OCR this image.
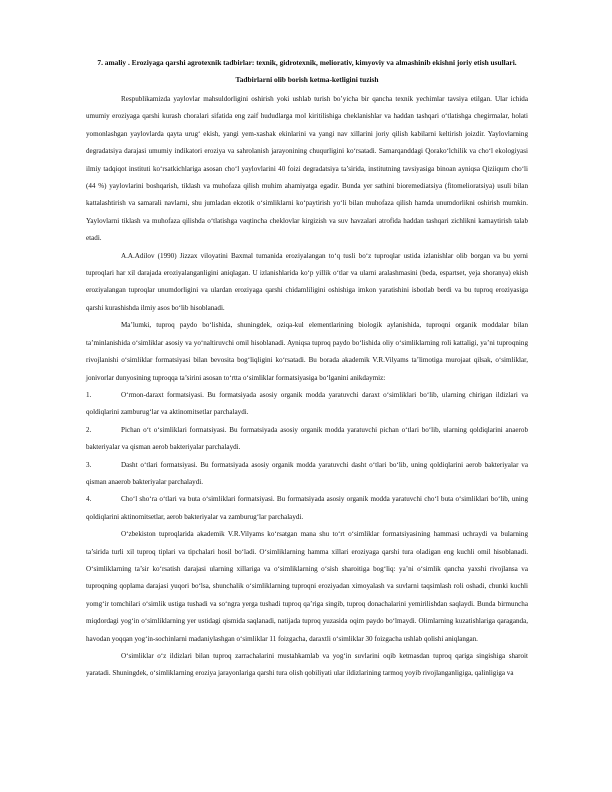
7. amaliy . Eroziyaga qarshi agrotexnik tadbirlar: texnik, gidrotexnik, meliorativ, kimyoviy va almashinib ekishni joriy etish usullari.
Tadbirlarni olib borish ketma-ketligini tuzish

Respublikamizda yaylovlar mahsuldorligini oshirish yoki ushlab turish bo’yicha bir qancha texnik yechimlar tavsiya etilgan. Ular ichida umumiy eroziyaga qarshi kurash choralari sifatida eng zaif hududlarga mol kiritilishiga cheklanishlar va haddan tashqari o‘tlatishga chegirmalar, holati yomonlashgan yaylovlarda qayta urug‘ ekish, yangi yem-xashak ekinlarini va yangi nav xillarini joriy qilish kabilarni keltirish joizdir. Yaylovlarning degradatsiya darajasi umumiy indikatori eroziya va sahrolanish jarayonining chuqurligini ko‘rsatadi. Samarqanddagi Qorako‘lchilik va cho‘l ekologiyasi ilmiy tadqiqot instituti ko‘rsatkichlariga asosan cho‘l yaylovlarini 40 foizi degradatsiya ta’sirida, institutning tavsiyasiga binoan ayniqsa Qiziiqum cho‘li (44 %) yaylovlarini boshqarish, tiklash va muhofaza qilish muhim ahamiyatga egadir. Bunda yer sathini bioremediatsiya (fitomelioratsiya) usuli bilan kattalashtirish va samarali navlarni, shu jumladan ekzotik o‘simliklarni ko‘paytirish yo‘li bilan muhofaza qilish hamda unumdorlikni oshirish mumkin. Yaylovlarni tiklash va muhofaza qilishda o‘tlatishga vaqtincha cheklovlar kirgizish va suv havzalari atrofida haddan tashqari zichlikni kamaytirish talab etadi.

A.A.Adilov (1990) Jizzax viloyatini Baxmal tumanida eroziyalangan to‘q tusli bo‘z tuproqlar ustida izlanishlar olib borgan va bu yerni tuproqlari har xil darajada eroziyalanganligini aniqlagan. U izlanishlarida ko‘p yillik o‘tlar va ularni aralashmasini (beda, espartset, yeja shoranya) ekish eroziyalangan tuproqlar unumdorligini va ulardan eroziyaga qarshi chidamliligini oshishiga imkon yaratishini isbotlab berdi va bu tuproq eroziyasiga qarshi kurashishda ilmiy asos bo‘lib hisoblanadi.

Ma’lumki, tuproq paydo bo‘lishida, shuningdek, oziqa-kul elementlarining biologik aylanishida, tuproqni organik moddalar bilan ta’minlanishida o‘simliklar asosiy va yo‘naltiruvchi omil hisoblanadi. Ayniqsa tuproq paydo bo‘lishida oliy o‘simliklarning roli kattaligi, ya’ni tuproqning rivojlanishi o‘simliklar formatsiyasi bilan bevosita bog‘liqligini ko‘rsatadi. Bu borada akademik V.R.Vilyams ta’limotiga murojaat qilsak, o‘simliklar, jonivorlar dunyosining tuproqqa ta’sirini asosan to‘rtta o‘simliklar formatsiyasiga bo‘lganini anikdaymiz:

1.	O‘rmon-daraxt formatsiyasi. Bu formatsiyada asosiy organik modda yaratuvchi daraxt o‘simliklari bo‘lib, ularning chirigan ildizlari va qoldiqlarini zamburug‘lar va aktinomitsetlar parchalaydi.
2.	Pichan o‘t o‘simliklari formatsiyasi. Bu formatsiyada asosiy organik modda yaratuvchi pichan o‘tlari bo‘lib, ularning qoldiqlarini anaerob bakteriyalar va qisman aerob bakteriyalar parchalaydi.
3.	Dasht o‘tlari formatsiyasi. Bu formatsiyada asosiy organik modda yaratuvchi dasht o‘tlari bo‘lib, uning qoldiqlarini aerob bakteriyalar va qisman anaerob bakteriyalar parchalaydi.
4.	Cho‘l sho‘ra o‘tlari va buta o‘simliklari formatsiyasi. Bu formatsiyada asosiy organik modda yaratuvchi cho‘l buta o‘simliklari bo‘lib, uning qoldiqlarini aktinomitsetlar, aerob bakteriyalar va zamburug‘lar parchalaydi.

O‘zbekiston tuproqlarida akademik V.R.Vilyams ko‘rsatgan mana shu to‘rt o‘simliklar formatsiyasining hammasi uchraydi va bularning ta’sirida turli xil tuproq tiplari va tipchalari hosil bo‘ladi. O‘simliklarning hamma xillari eroziyaga qarshi tura oladigan eng kuchli omil hisoblanadi. O‘simliklarning ta’sir ko‘rsatish darajasi ularning xillariga va o‘simliklarning o‘sish sharoitiga bog‘liq: ya’ni o‘simlik qancha yaxshi rivojlansa va tuproqning qoplama darajasi yuqori bo‘lsa, shunchalik o‘simliklarning tuproqni eroziyadan ximoyalash va suvlarni taqsimlash roli oshadi, chunki kuchli yomg‘ir tomchilari o‘simlik ustiga tushadi va so‘ngra yerga tushadi tuproq qa’riga singib, tuproq donachalarini yemirilishdan saqlaydi. Bunda birmuncha miqdordagi yog‘in o‘simliklarning yer ustidagi qismida saqlanadi, natijada tuproq yuzasida oqim paydo bo‘lmaydi. Olimlarning kuzatishlariga qaraganda, havodan yoqqan yog‘in-sochinlarni madaniylashgan o‘simliklar 11 foizgacha, daraxtli o‘simliklar 30 foizgacha ushlab qolishi aniqlangan.

O‘simliklar o‘z ildizlari bilan tuproq zarrachalarini mustahkamlab va yog‘in suvlarini oqib ketmasdan tuproq qariga singishiga sharoit yaratadi. Shuningdek, o‘simliklarning eroziya jarayonlariga qarshi tura olish qobiliyati ular ildizlarining tarmoq yoyib rivojlanganligiga, qalinligiga va
